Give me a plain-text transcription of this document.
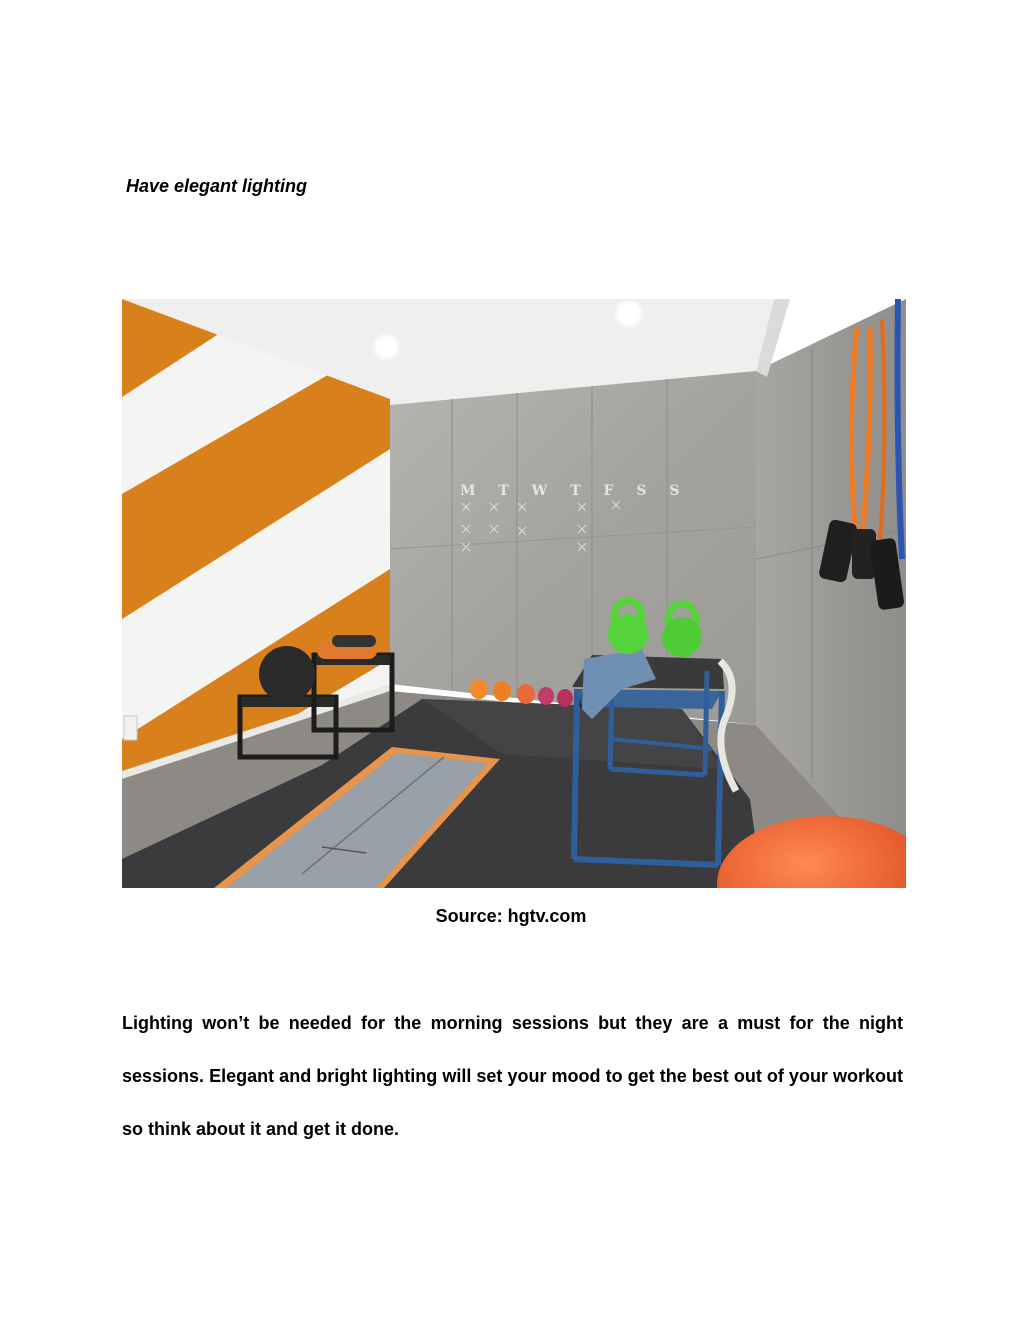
Have elegant lighting

M T W T F S S

Source: hgtv.com

Lighting won’t be needed for the morning sessions but they are a must for the night sessions. Elegant and bright lighting will set your mood to get the best out of your workout so think about it and get it done.
